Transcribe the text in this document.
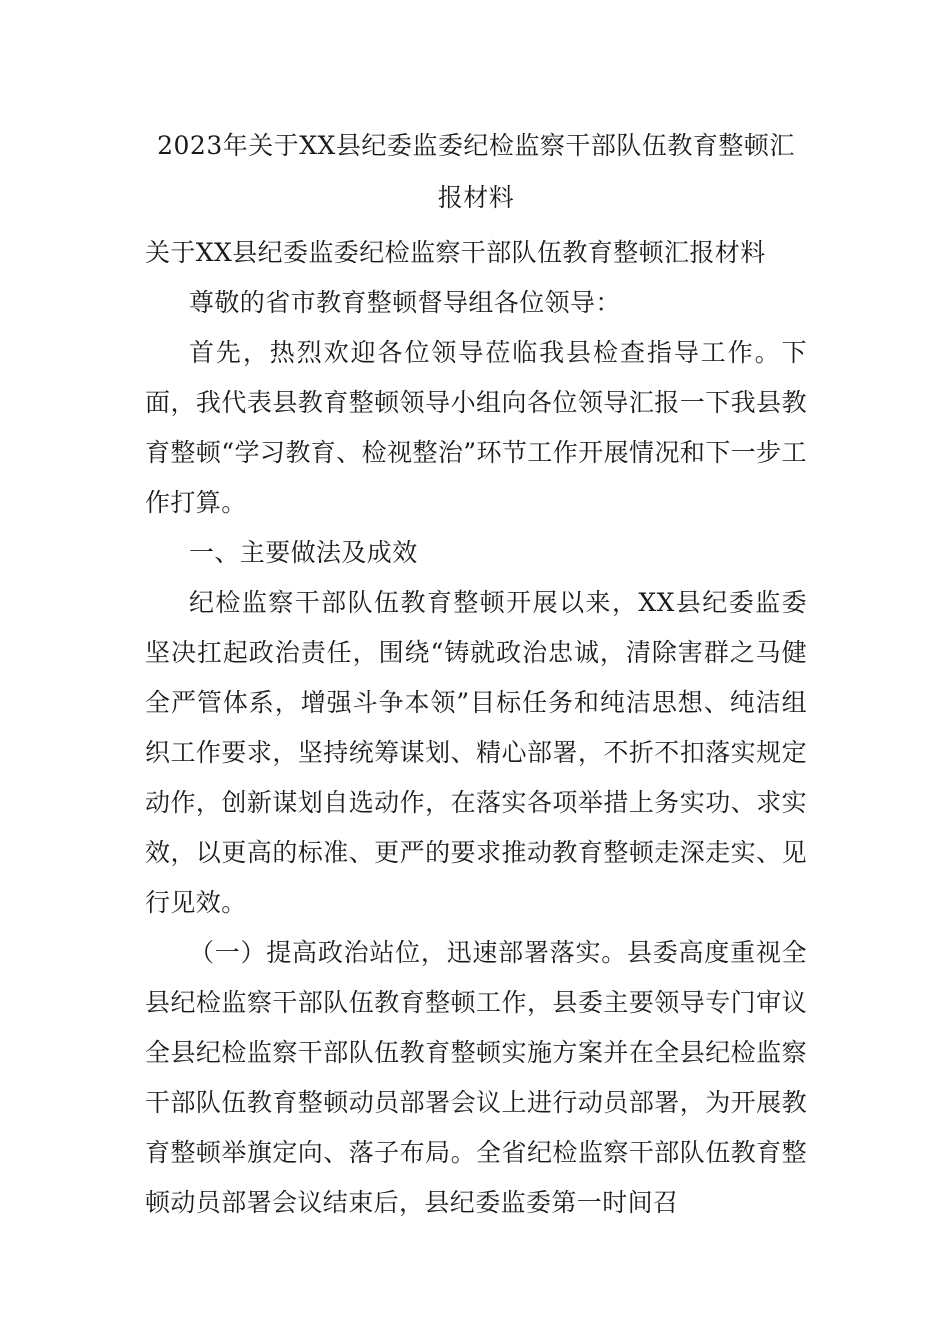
2023年关于XX县纪委监委纪检监察干部队伍教育整顿汇
报材料

关于XX县纪委监委纪检监察干部队伍教育整顿汇报材料

尊敬的省市教育整顿督导组各位领导：

首先，热烈欢迎各位领导莅临我县检查指导工作。下面，我代表县教育整顿领导小组向各位领导汇报一下我县教育整顿“学习教育、检视整治”环节工作开展情况和下一步工作打算。

一、主要做法及成效

纪检监察干部队伍教育整顿开展以来，XX县纪委监委坚决扛起政治责任，围绕“铸就政治忠诚，清除害群之马健全严管体系，增强斗争本领”目标任务和纯洁思想、纯洁组织工作要求，坚持统筹谋划、精心部署，不折不扣落实规定动作，创新谋划自选动作，在落实各项举措上务实功、求实效，以更高的标准、更严的要求推动教育整顿走深走实、见行见效。

（一）提高政治站位，迅速部署落实。县委高度重视全县纪检监察干部队伍教育整顿工作，县委主要领导专门审议全县纪检监察干部队伍教育整顿实施方案并在全县纪检监察干部队伍教育整顿动员部署会议上进行动员部署，为开展教育整顿举旗定向、落子布局。全省纪检监察干部队伍教育整顿动员部署会议结束后，县纪委监委第一时间召
